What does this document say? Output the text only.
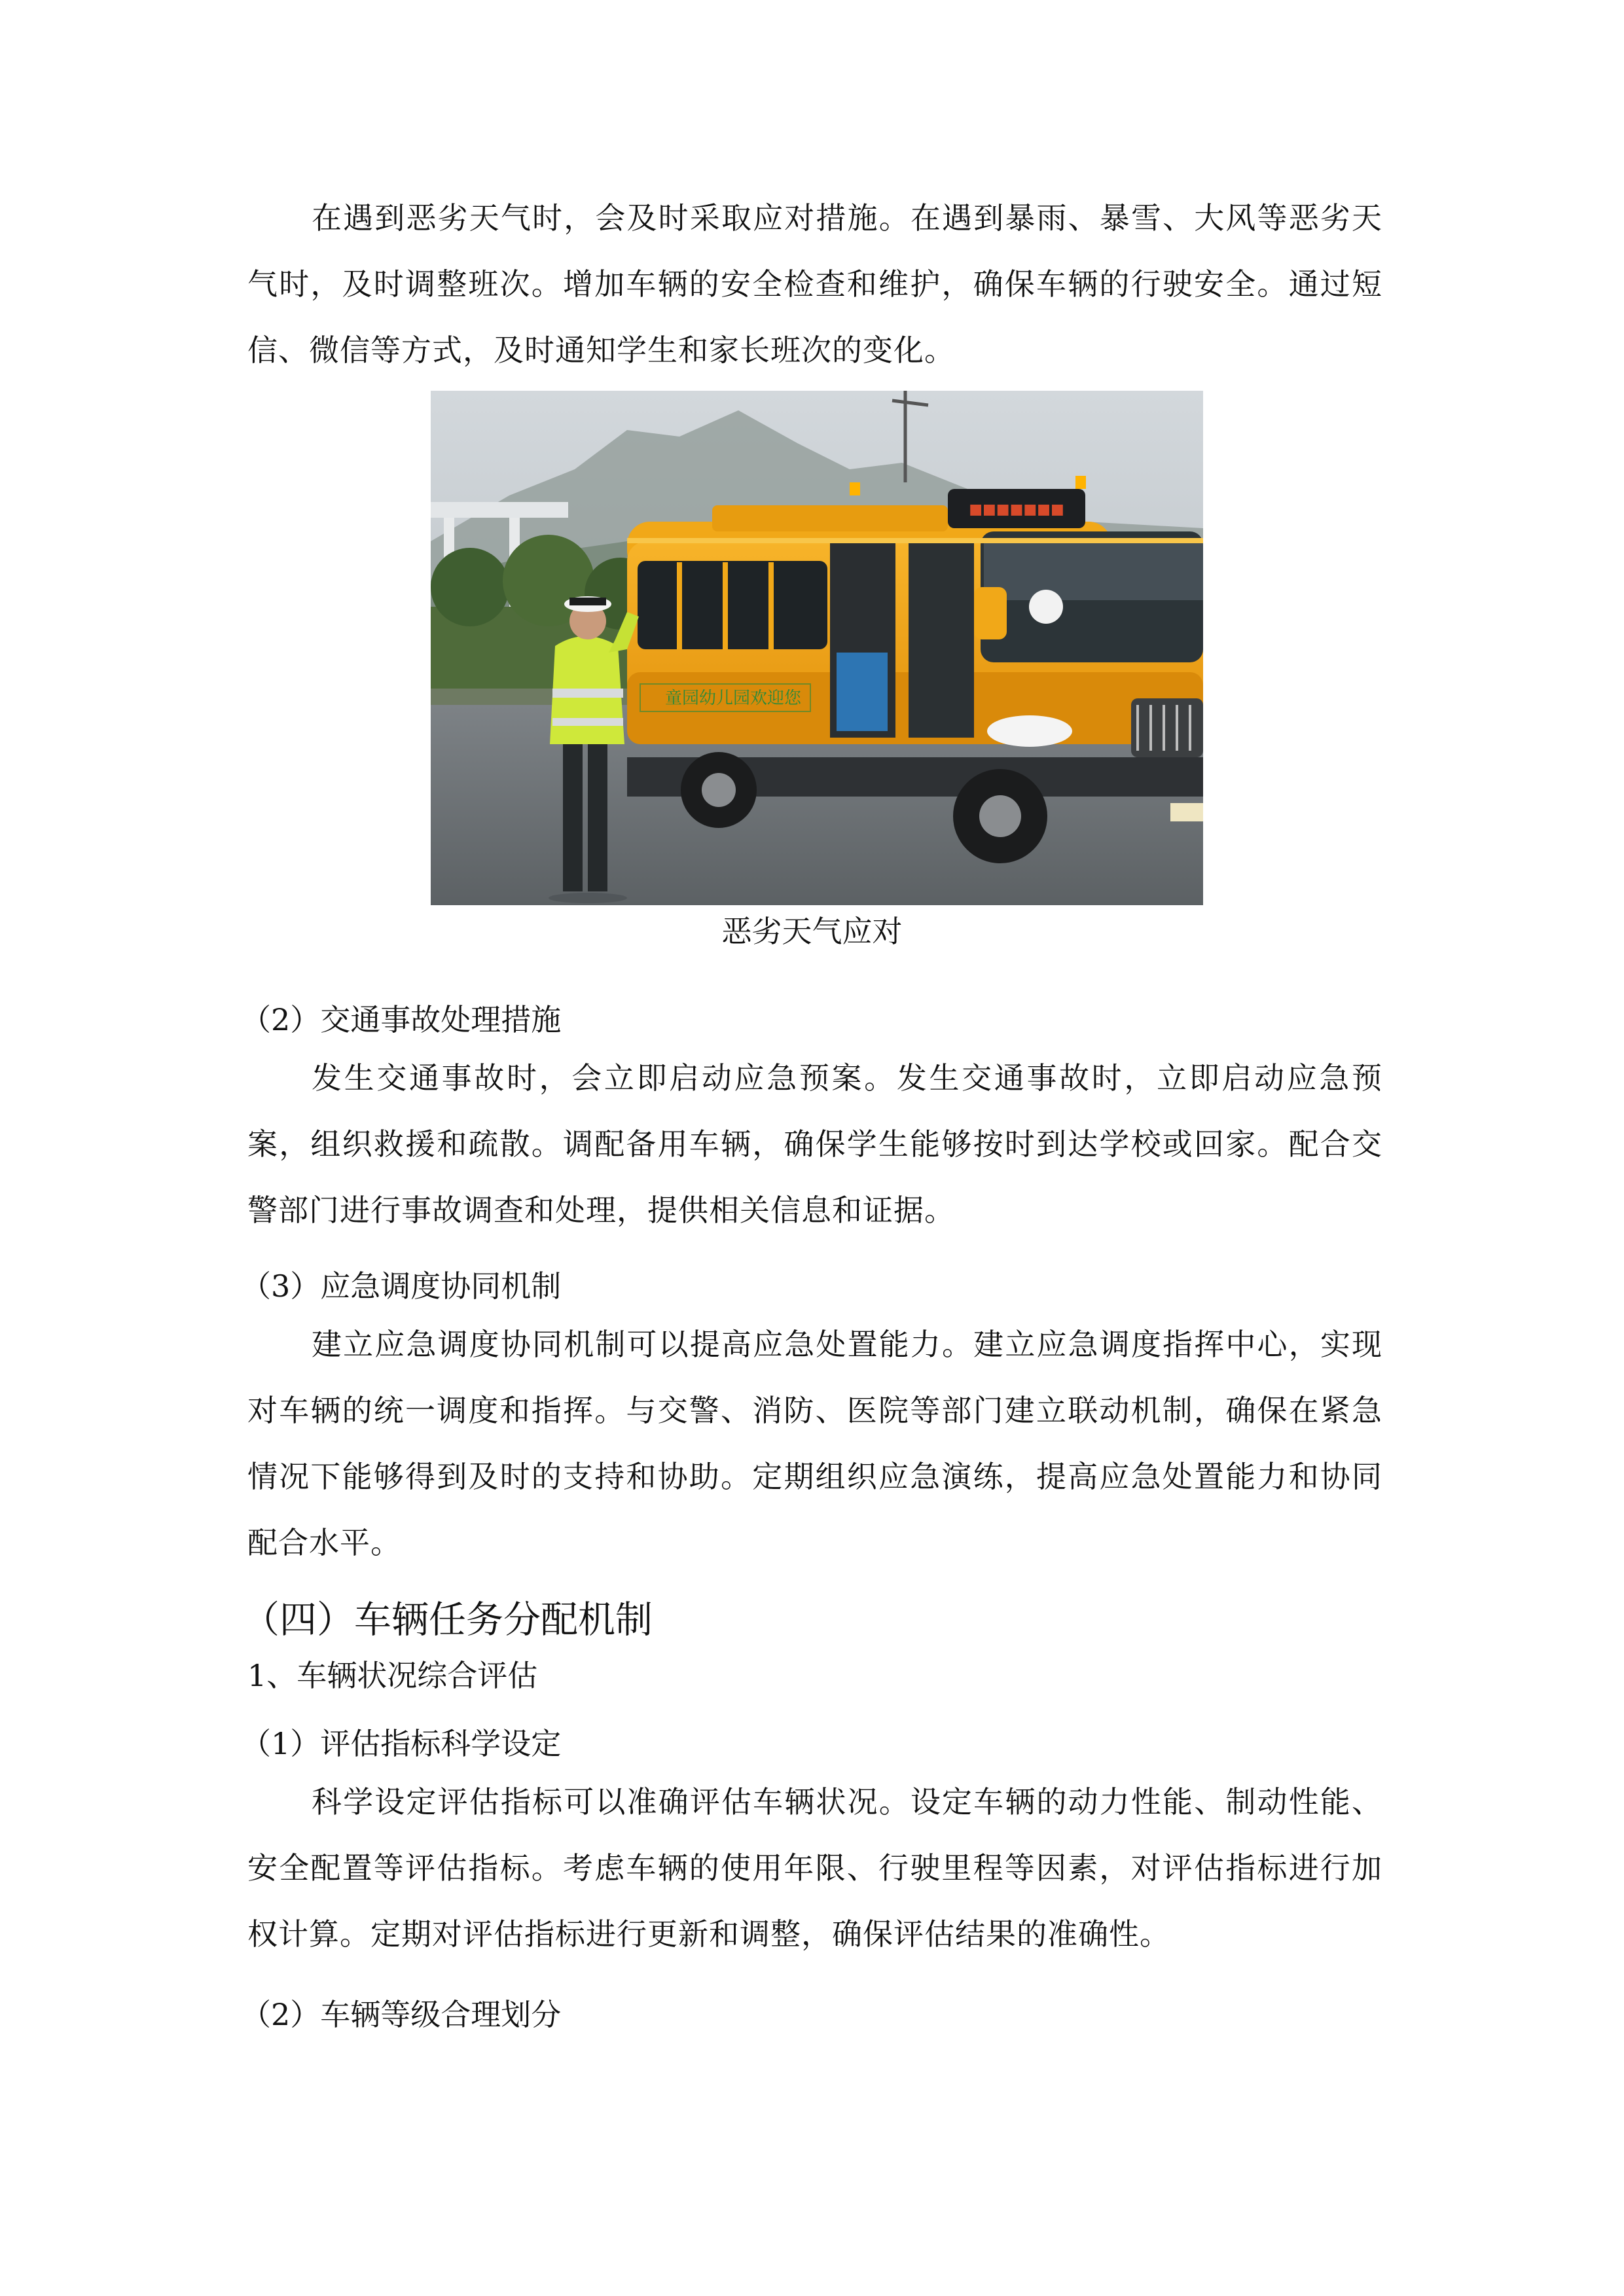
在遇到恶劣天气时，会及时采取应对措施。在遇到暴雨、暴雪、大风等恶劣天气时，及时调整班次。增加车辆的安全检查和维护，确保车辆的行驶安全。通过短信、微信等方式，及时通知学生和家长班次的变化。

■■■■■■■
童园幼儿园欢迎您

恶劣天气应对

（2）交通事故处理措施

发生交通事故时，会立即启动应急预案。发生交通事故时，立即启动应急预案，组织救援和疏散。调配备用车辆，确保学生能够按时到达学校或回家。配合交警部门进行事故调查和处理，提供相关信息和证据。

（3）应急调度协同机制

建立应急调度协同机制可以提高应急处置能力。建立应急调度指挥中心，实现对车辆的统一调度和指挥。与交警、消防、医院等部门建立联动机制，确保在紧急情况下能够得到及时的支持和协助。定期组织应急演练，提高应急处置能力和协同配合水平。

（四）车辆任务分配机制

1、车辆状况综合评估

（1）评估指标科学设定

科学设定评估指标可以准确评估车辆状况。设定车辆的动力性能、制动性能、安全配置等评估指标。考虑车辆的使用年限、行驶里程等因素，对评估指标进行加权计算。定期对评估指标进行更新和调整，确保评估结果的准确性。

（2）车辆等级合理划分
